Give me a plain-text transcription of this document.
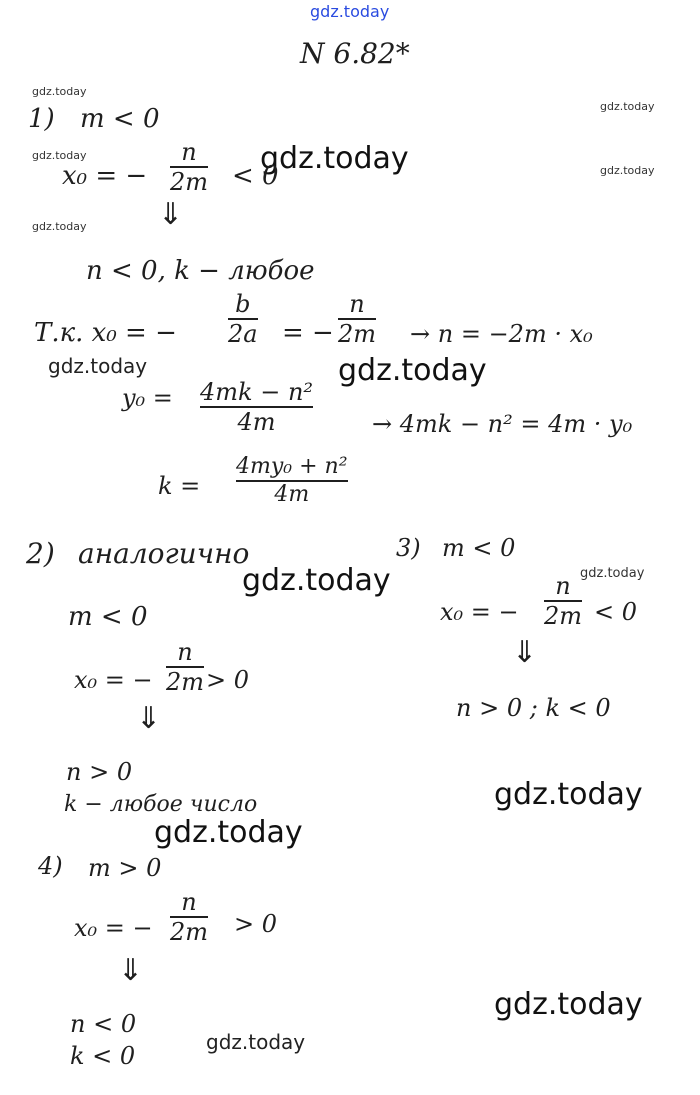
gdz.today
gdz.today
gdz.today
gdz.today
gdz.today
gdz.today
gdz.today
gdz.today	gdz.today
gdz.today	gdz.today
gdz.today
gdz.today
gdz.today
gdz.today
N 6.82*
1) m < 0
x₀ = −
n
2m < 0
⇓
n < 0, k − любое
Т.к. x₀ = −
b
2a = −
n
2m → n = −2m · x₀
y₀ = 4mk − n²
4m	→ 4mk − n² = 4m · y₀
k =
4my₀ + n²
4m
2) аналогично
m < 0
x₀ = −
n
2m > 0
⇓
n > 0
k − любое число
3) m < 0
x₀ = −
n
2m < 0
⇓
n > 0 ; k < 0
4) m > 0
x₀ = −
n
2m > 0
⇓
n < 0
k < 0
